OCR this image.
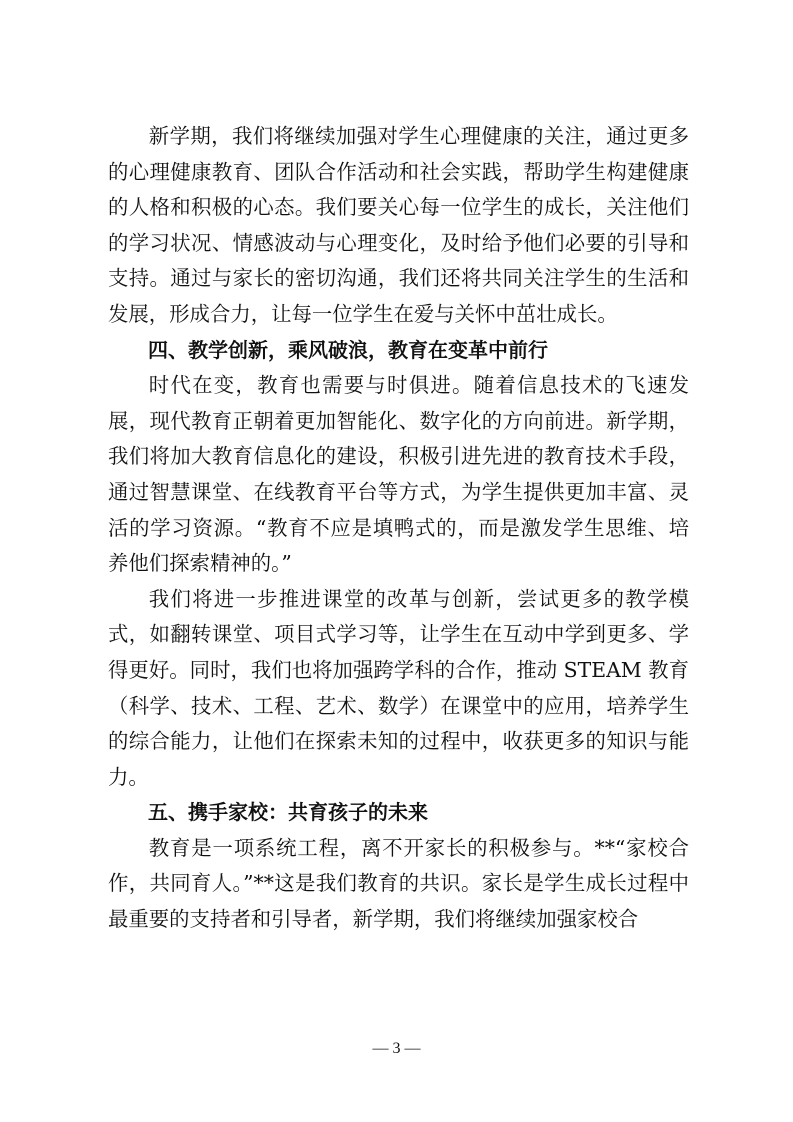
新学期，我们将继续加强对学生心理健康的关注，通过更多的心理健康教育、团队合作活动和社会实践，帮助学生构建健康的人格和积极的心态。我们要关心每一位学生的成长，关注他们的学习状况、情感波动与心理变化，及时给予他们必要的引导和支持。通过与家长的密切沟通，我们还将共同关注学生的生活和发展，形成合力，让每一位学生在爱与关怀中茁壮成长。

四、教学创新，乘风破浪，教育在变革中前行

时代在变，教育也需要与时俱进。随着信息技术的飞速发展，现代教育正朝着更加智能化、数字化的方向前进。新学期，我们将加大教育信息化的建设，积极引进先进的教育技术手段，通过智慧课堂、在线教育平台等方式，为学生提供更加丰富、灵活的学习资源。“教育不应是填鸭式的，而是激发学生思维、培养他们探索精神的。”

我们将进一步推进课堂的改革与创新，尝试更多的教学模式，如翻转课堂、项目式学习等，让学生在互动中学到更多、学得更好。同时，我们也将加强跨学科的合作，推动 STEAM 教育（科学、技术、工程、艺术、数学）在课堂中的应用，培养学生的综合能力，让他们在探索未知的过程中，收获更多的知识与能力。

五、携手家校：共育孩子的未来

教育是一项系统工程，离不开家长的积极参与。**“家校合作，共同育人。”**这是我们教育的共识。家长是学生成长过程中最重要的支持者和引导者，新学期，我们将继续加强家校合

— 3 —
